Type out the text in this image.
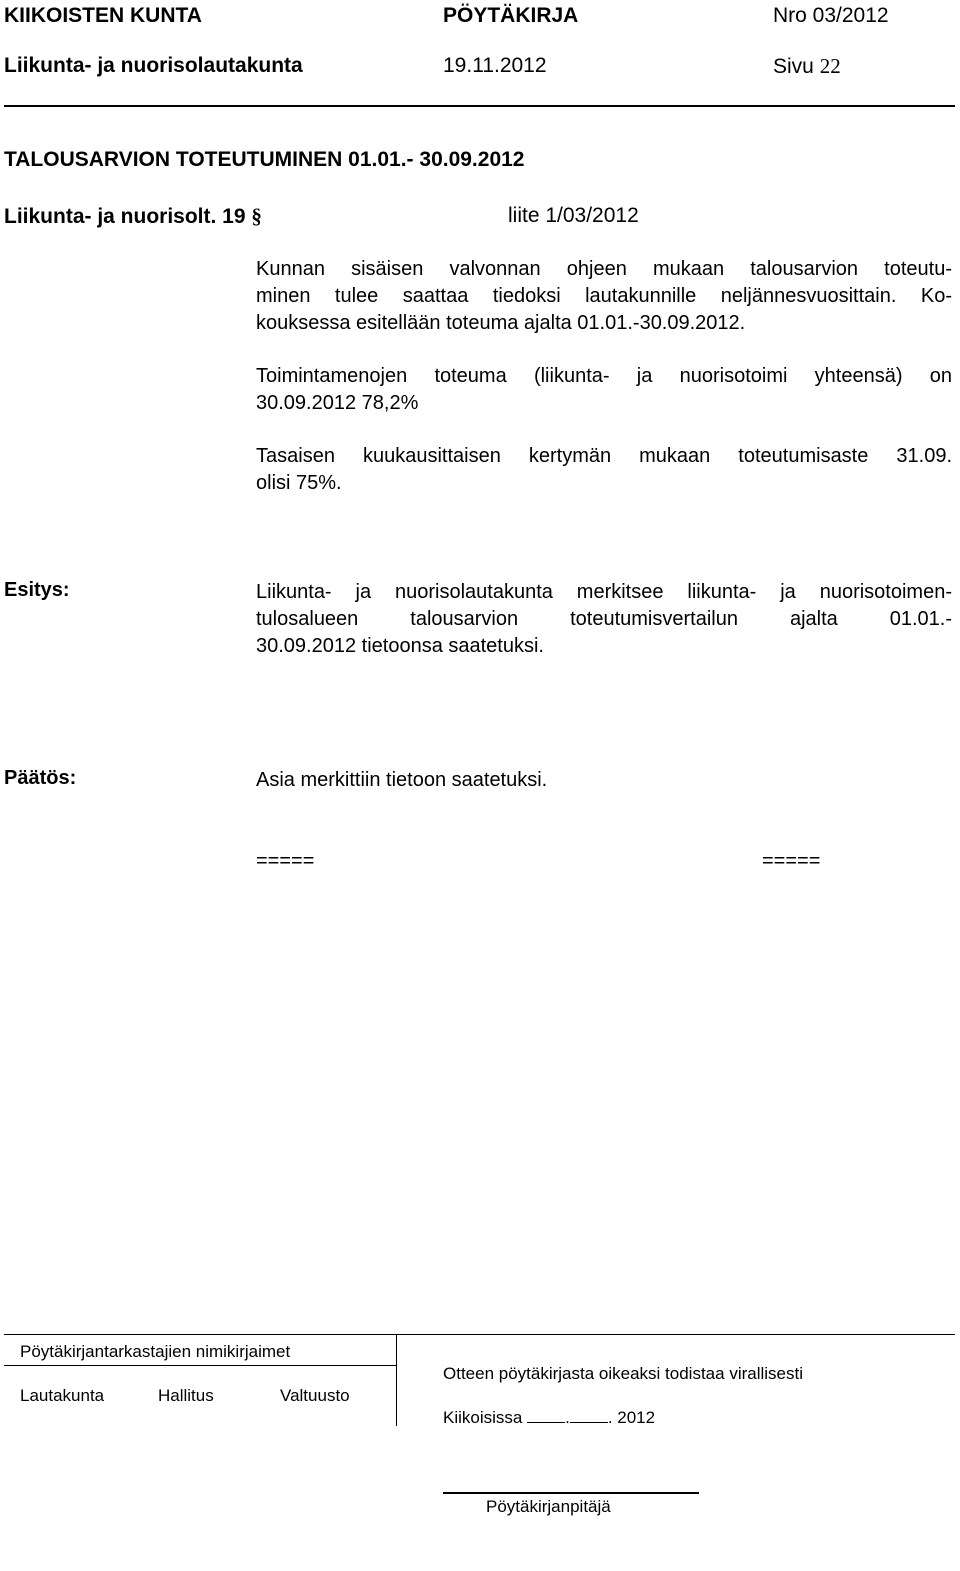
KIIKOISTEN KUNTA	PÖYTÄKIRJA	Nro 03/2012
Liikunta- ja nuorisolautakunta	19.11.2012	Sivu 22
TALOUSARVION TOTEUTUMINEN 01.01.- 30.09.2012
Liikunta- ja nuorisolt. 19 §	liite 1/03/2012
Kunnan sisäisen valvonnan ohjeen mukaan talousarvion toteutu-
minen tulee saattaa tiedoksi lautakunnille neljännesvuosittain. Ko-
kouksessa esitellään toteuma ajalta 01.01.-30.09.2012.
Toimintamenojen toteuma (liikunta- ja nuorisotoimi yhteensä) on
30.09.2012 78,2%
Tasaisen kuukausittaisen kertymän mukaan toteutumisaste 31.09.
olisi 75%.
Esitys:	Liikunta- ja nuorisolautakunta merkitsee liikunta- ja nuorisotoimen-
tulosalueen talousarvion toteutumisvertailun ajalta 01.01.-
30.09.2012 tietoonsa saatetuksi.
Päätös:	Asia merkittiin tietoon saatetuksi.
=====	=====
Pöytäkirjantarkastajien nimikirjaimet
Lautakunta	Hallitus	Valtuusto
Otteen pöytäkirjasta oikeaksi todistaa virallisesti
Kiikoisissa	. . 2012
Pöytäkirjanpitäjä
